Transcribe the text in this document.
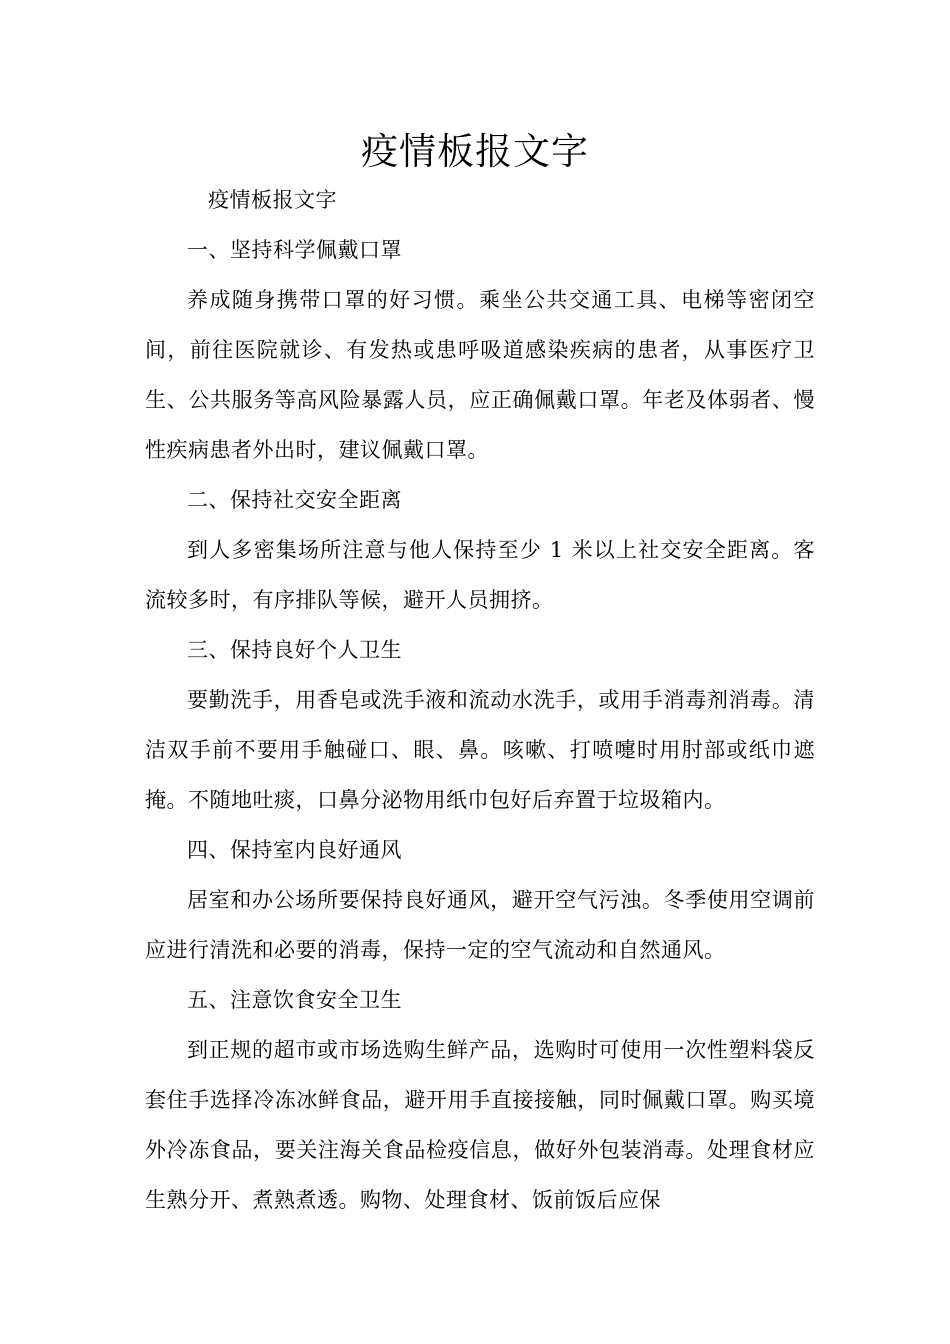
疫情板报文字

疫情板报文字

一、坚持科学佩戴口罩

养成随身携带口罩的好习惯。乘坐公共交通工具、电梯等密闭空间，前往医院就诊、有发热或患呼吸道感染疾病的患者，从事医疗卫生、公共服务等高风险暴露人员，应正确佩戴口罩。年老及体弱者、慢性疾病患者外出时，建议佩戴口罩。

二、保持社交安全距离

到人多密集场所注意与他人保持至少 1 米以上社交安全距离。客流较多时，有序排队等候，避开人员拥挤。

三、保持良好个人卫生

要勤洗手，用香皂或洗手液和流动水洗手，或用手消毒剂消毒。清洁双手前不要用手触碰口、眼、鼻。咳嗽、打喷嚏时用肘部或纸巾遮掩。不随地吐痰，口鼻分泌物用纸巾包好后弃置于垃圾箱内。

四、保持室内良好通风

居室和办公场所要保持良好通风，避开空气污浊。冬季使用空调前应进行清洗和必要的消毒，保持一定的空气流动和自然通风。

五、注意饮食安全卫生

到正规的超市或市场选购生鲜产品，选购时可使用一次性塑料袋反套住手选择冷冻冰鲜食品，避开用手直接接触，同时佩戴口罩。购买境外冷冻食品，要关注海关食品检疫信息，做好外包装消毒。处理食材应生熟分开、煮熟煮透。购物、处理食材、饭前饭后应保
